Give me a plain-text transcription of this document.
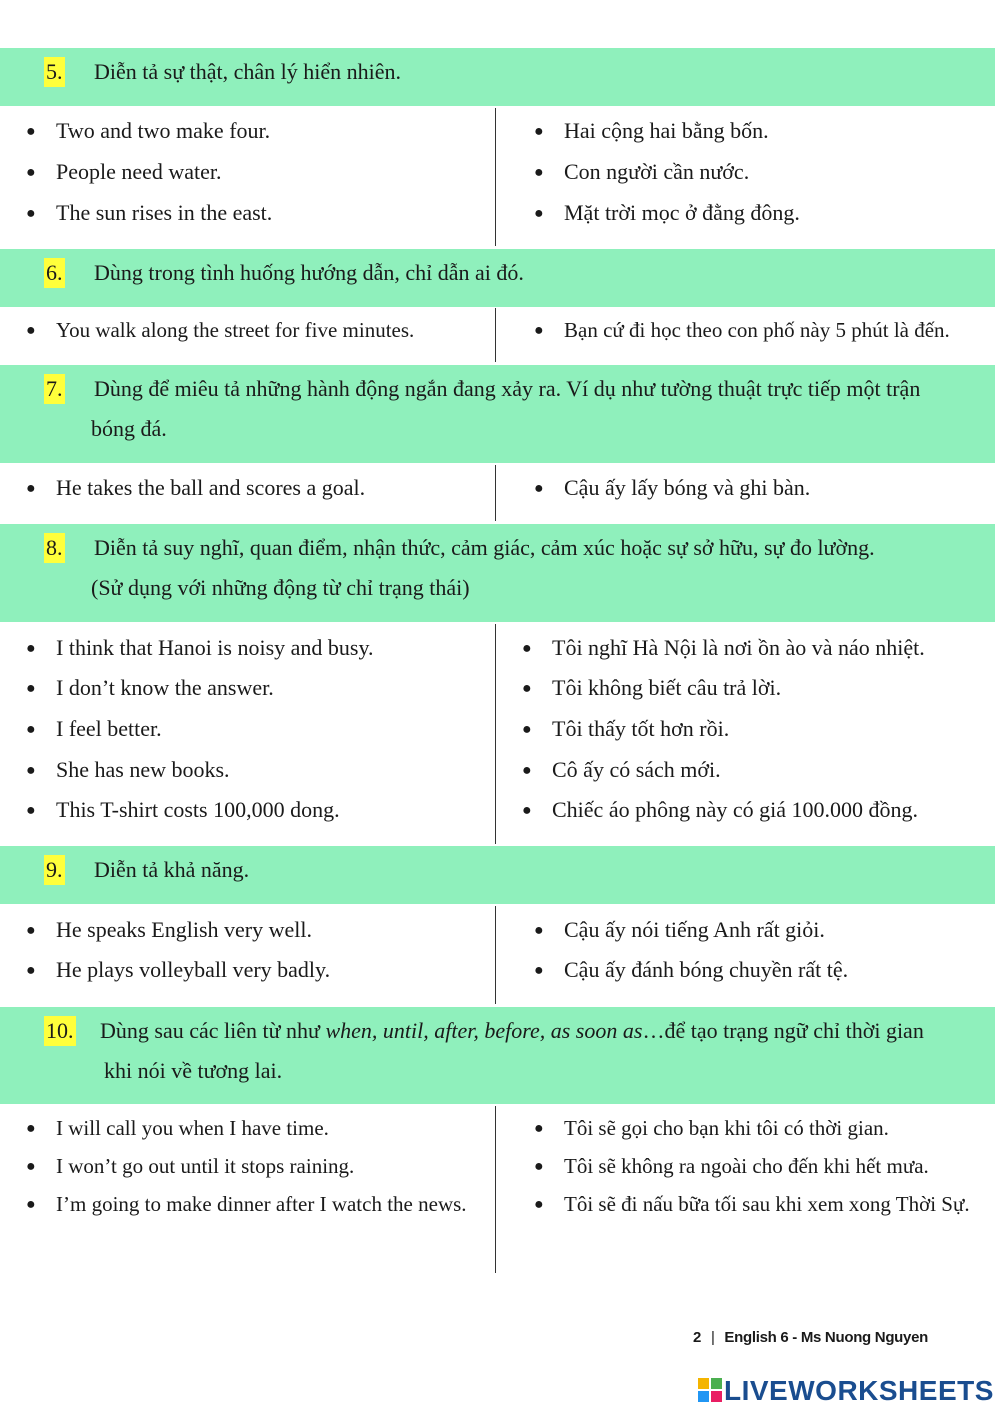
5. Diễn tả sự thật, chân lý hiển nhiên.
● Two and two make four.
● People need water.
● The sun rises in the east.
● Hai cộng hai bằng bốn.
● Con người cần nước.
● Mặt trời mọc ở đằng đông.
6. Dùng trong tình huống hướng dẫn, chỉ dẫn ai đó.
● You walk along the street for five minutes.	● Bạn cứ đi học theo con phố này 5 phút là đến.
7. Dùng để miêu tả những hành động ngắn đang xảy ra. Ví dụ như tường thuật trực tiếp một trận
bóng đá.
● He takes the ball and scores a goal.	● Cậu ấy lấy bóng và ghi bàn.
8. Diễn tả suy nghĩ, quan điểm, nhận thức, cảm giác, cảm xúc hoặc sự sở hữu, sự đo lường.
(Sử dụng với những động từ chỉ trạng thái)
● I think that Hanoi is noisy and busy.
● I don’t know the answer.
● I feel better.
● She has new books.
● This T-shirt costs 100,000 dong.
● Tôi nghĩ Hà Nội là nơi ồn ào và náo nhiệt.
● Tôi không biết câu trả lời.
● Tôi thấy tốt hơn rồi.
● Cô ấy có sách mới.
● Chiếc áo phông này có giá 100.000 đồng.
9. Diễn tả khả năng.
● He speaks English very well.
● He plays volleyball very badly.
● Cậu ấy nói tiếng Anh rất giỏi.
● Cậu ấy đánh bóng chuyền rất tệ.
10. Dùng sau các liên từ như when, until, after, before, as soon as…để tạo trạng ngữ chỉ thời gian
khi nói về tương lai.
● I will call you when I have time.
● I won’t go out until it stops raining.
● I’m going to make dinner after I watch the news.
● Tôi sẽ gọi cho bạn khi tôi có thời gian.
● Tôi sẽ không ra ngoài cho đến khi hết mưa.
● Tôi sẽ đi nấu bữa tối sau khi xem xong Thời Sự.
2 | English 6 - Ms Nuong Nguyen
LIVEWORKSHEETS
